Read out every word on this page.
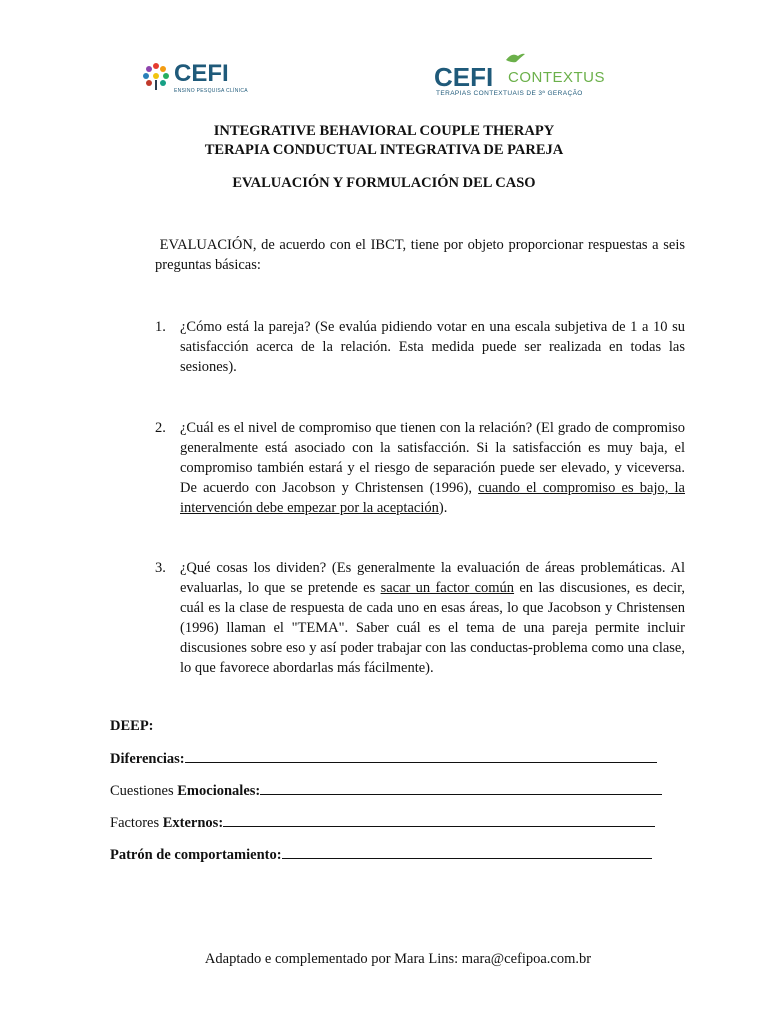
CEFI
ENSINO PESQUISA CLÍNICA	CEFI CONTEXTUS
TERAPIAS CONTEXTUAIS DE 3ª GERAÇÃO
INTEGRATIVE BEHAVIORAL COUPLE THERAPY
TERAPIA CONDUCTUAL INTEGRATIVA DE PAREJA
EVALUACIÓN Y FORMULACIÓN DEL CASO
EVALUACIÓN, de acuerdo con el IBCT, tiene por objeto proporcionar respuestas a seis preguntas básicas:
1. ¿Cómo está la pareja? (Se evalúa pidiendo votar en una escala subjetiva de 1 a 10 su satisfacción acerca de la relación. Esta medida puede ser realizada en todas las sesiones).
2. ¿Cuál es el nivel de compromiso que tienen con la relación? (El grado de compromiso generalmente está asociado con la satisfacción. Si la satisfacción es muy baja, el compromiso también estará y el riesgo de separación puede ser elevado, y viceversa. De acuerdo con Jacobson y Christensen (1996), cuando el compromiso es bajo, la intervención debe empezar por la aceptación).
3. ¿Qué cosas los dividen? (Es generalmente la evaluación de áreas problemáticas. Al evaluarlas, lo que se pretende es sacar un factor común en las discusiones, es decir, cuál es la clase de respuesta de cada uno en esas áreas, lo que Jacobson y Christensen (1996) llaman el "TEMA". Saber cuál es el tema de una pareja permite incluir discusiones sobre eso y así poder trabajar con las conductas-problema como una clase, lo que favorece abordarlas más fácilmente).
DEEP:
Diferencias:
Cuestiones Emocionales:
Factores Externos:
Patrón de comportamiento:
Adaptado e complementado por Mara Lins: mara@cefipoa.com.br
